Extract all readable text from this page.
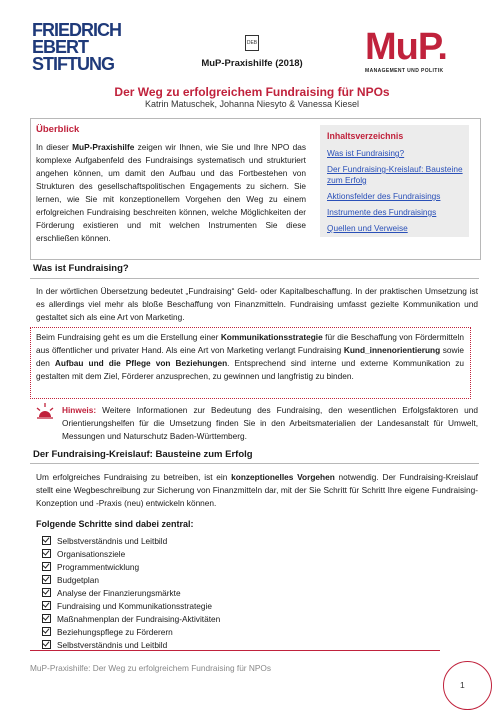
FRIEDRICH
EBERT
STIFTUNG
DEB
MuP-Praxishilfe (2018)	MuP.
MANAGEMENT UND POLITIK
Der Weg zu erfolgreichem Fundraising für NPOs
Katrin Matuschek, Johanna Niesyto & Vanessa Kiesel
Überblick
In dieser MuP-Praxishilfe zeigen wir Ihnen, wie Sie und Ihre NPO das komplexe Aufgabenfeld des Fundraisings systematisch und strukturiert angehen können, um damit den Aufbau und das Fortbestehen von Strukturen des gesellschaftspolitischen Engagements zu sichern. Sie lernen, wie Sie mit konzeptionellem Vorgehen den Weg zu einem erfolgreichen Fundraising beschreiten können, welche Möglichkeiten der Förderung existieren und mit welchen Instrumenten Sie diese erschließen können.
Inhaltsverzeichnis
Was ist Fundraising?
Der Fundraising-Kreislauf: Bausteine zum Erfolg
Aktionsfelder des Fundraisings
Instrumente des Fundraisings
Quellen und Verweise
Was ist Fundraising?
In der wörtlichen Übersetzung bedeutet „Fundraising“ Geld- oder Kapitalbeschaffung. In der praktischen Umsetzung ist es allerdings viel mehr als bloße Beschaffung von Finanzmitteln. Fundraising umfasst gezielte Kommunikation und gestaltet sich als eine Art von Marketing.
Beim Fundraising geht es um die Erstellung einer Kommunikationsstrategie für die Beschaffung von Fördermitteln aus öffentlicher und privater Hand. Als eine Art von Marketing verlangt Fundraising Kund_innenorientierung sowie den Aufbau und die Pflege von Beziehungen. Entsprechend sind interne und externe Kommunikation zu gestalten mit dem Ziel, Förderer anzusprechen, zu gewinnen und langfristig zu binden.
Hinweis: Weitere Informationen zur Bedeutung des Fundraising, den wesentlichen Erfolgsfaktoren und Orientierungshelfen für die Umsetzung finden Sie in den Arbeitsmaterialien der Landesanstalt für Umwelt, Messungen und Naturschutz Baden-Württemberg.
Der Fundraising-Kreislauf: Bausteine zum Erfolg
Um erfolgreiches Fundraising zu betreiben, ist ein konzeptionelles Vorgehen notwendig. Der Fundraising-Kreislauf stellt eine Wegbeschreibung zur Sicherung von Finanzmitteln dar, mit der Sie Schritt für Schritt Ihre eigene Fundraising-Konzeption und -Praxis (neu) entwickeln können.
Folgende Schritte sind dabei zentral:
Selbstverständnis und Leitbild
Organisationsziele
Programmentwicklung
Budgetplan
Analyse der Finanzierungsmärkte
Fundraising und Kommunikationsstrategie
Maßnahmenplan der Fundraising-Aktivitäten
Beziehungspflege zu Förderern
Selbstverständnis und Leitbild
MuP-Praxishilfe: Der Weg zu erfolgreichem Fundraising für NPOs
1
